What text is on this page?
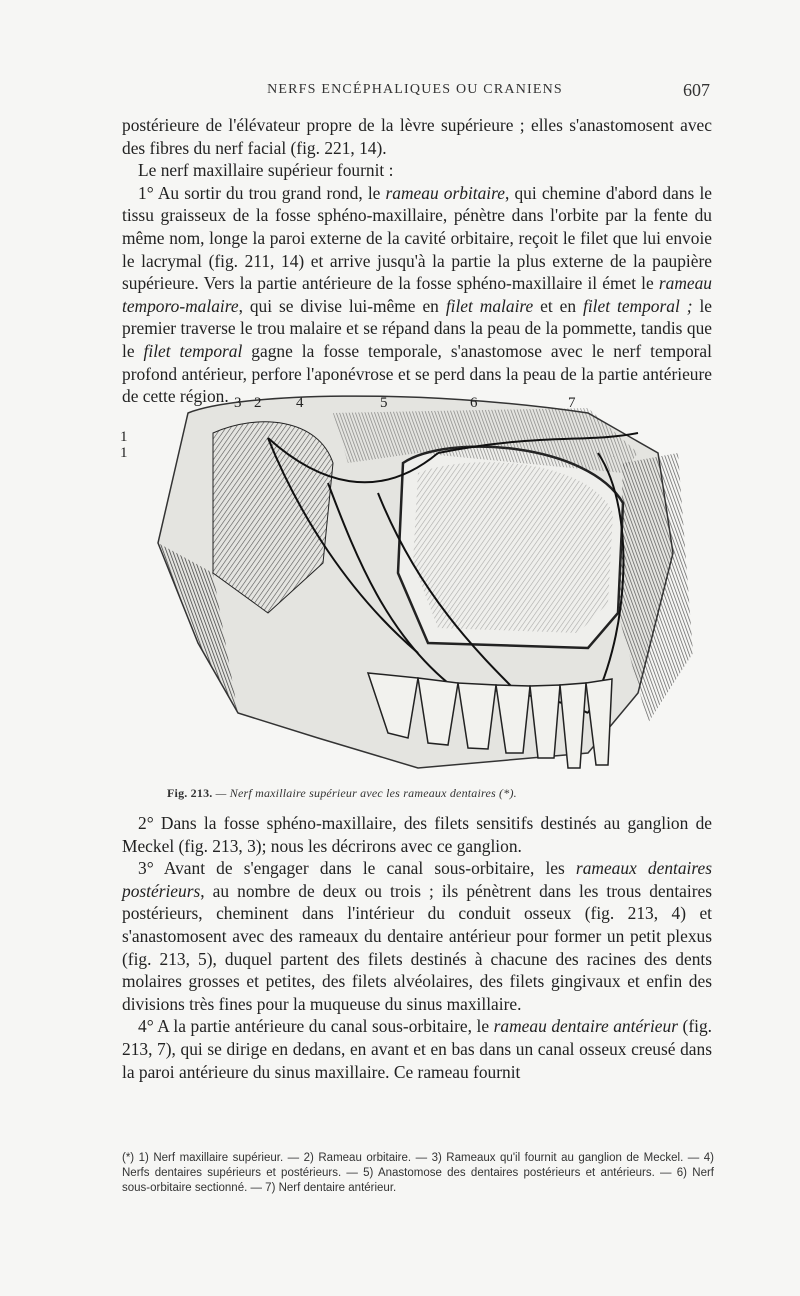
NERFS ENCÉPHALIQUES OU CRANIENS	607

postérieure de l'élévateur propre de la lèvre supérieure ; elles s'anastomosent avec des fibres du nerf facial (fig. 221, 14).

Le nerf maxillaire supérieur fournit :

1° Au sortir du trou grand rond, le rameau orbitaire, qui chemine d'abord dans le tissu graisseux de la fosse sphéno-maxillaire, pénètre dans l'orbite par la fente du même nom, longe la paroi externe de la cavité orbitaire, reçoit le filet que lui envoie le lacrymal (fig. 211, 14) et arrive jusqu'à la partie la plus externe de la paupière supérieure. Vers la partie antérieure de la fosse sphéno-maxillaire il émet le rameau temporo-malaire, qui se divise lui-même en filet malaire et en filet temporal ; le premier traverse le trou malaire et se répand dans la peau de la pommette, tandis que le filet temporal gagne la fosse temporale, s'anastomose avec le nerf temporal profond antérieur, perfore l'aponévrose et se perd dans la peau de la partie antérieure de cette région.

1
1
2
3	4	5	6	7
Fig. 213. — Nerf maxillaire supérieur avec les rameaux dentaires (*).

2° Dans la fosse sphéno-maxillaire, des filets sensitifs destinés au ganglion de Meckel (fig. 213, 3); nous les décrirons avec ce ganglion.

3° Avant de s'engager dans le canal sous-orbitaire, les rameaux dentaires postérieurs, au nombre de deux ou trois ; ils pénètrent dans les trous dentaires postérieurs, cheminent dans l'intérieur du conduit osseux (fig. 213, 4) et s'anastomosent avec des rameaux du dentaire antérieur pour former un petit plexus (fig. 213, 5), duquel partent des filets destinés à chacune des racines des dents molaires grosses et petites, des filets alvéolaires, des filets gingivaux et enfin des divisions très fines pour la muqueuse du sinus maxillaire.

4° A la partie antérieure du canal sous-orbitaire, le rameau dentaire antérieur (fig. 213, 7), qui se dirige en dedans, en avant et en bas dans un canal osseux creusé dans la paroi antérieure du sinus maxillaire. Ce rameau fournit

(*) 1) Nerf maxillaire supérieur. — 2) Rameau orbitaire. — 3) Rameaux qu'il fournit au ganglion de Meckel. — 4) Nerfs dentaires supérieurs et postérieurs. — 5) Anastomose des dentaires postérieurs et antérieurs. — 6) Nerf sous-orbitaire sectionné. — 7) Nerf dentaire antérieur.
